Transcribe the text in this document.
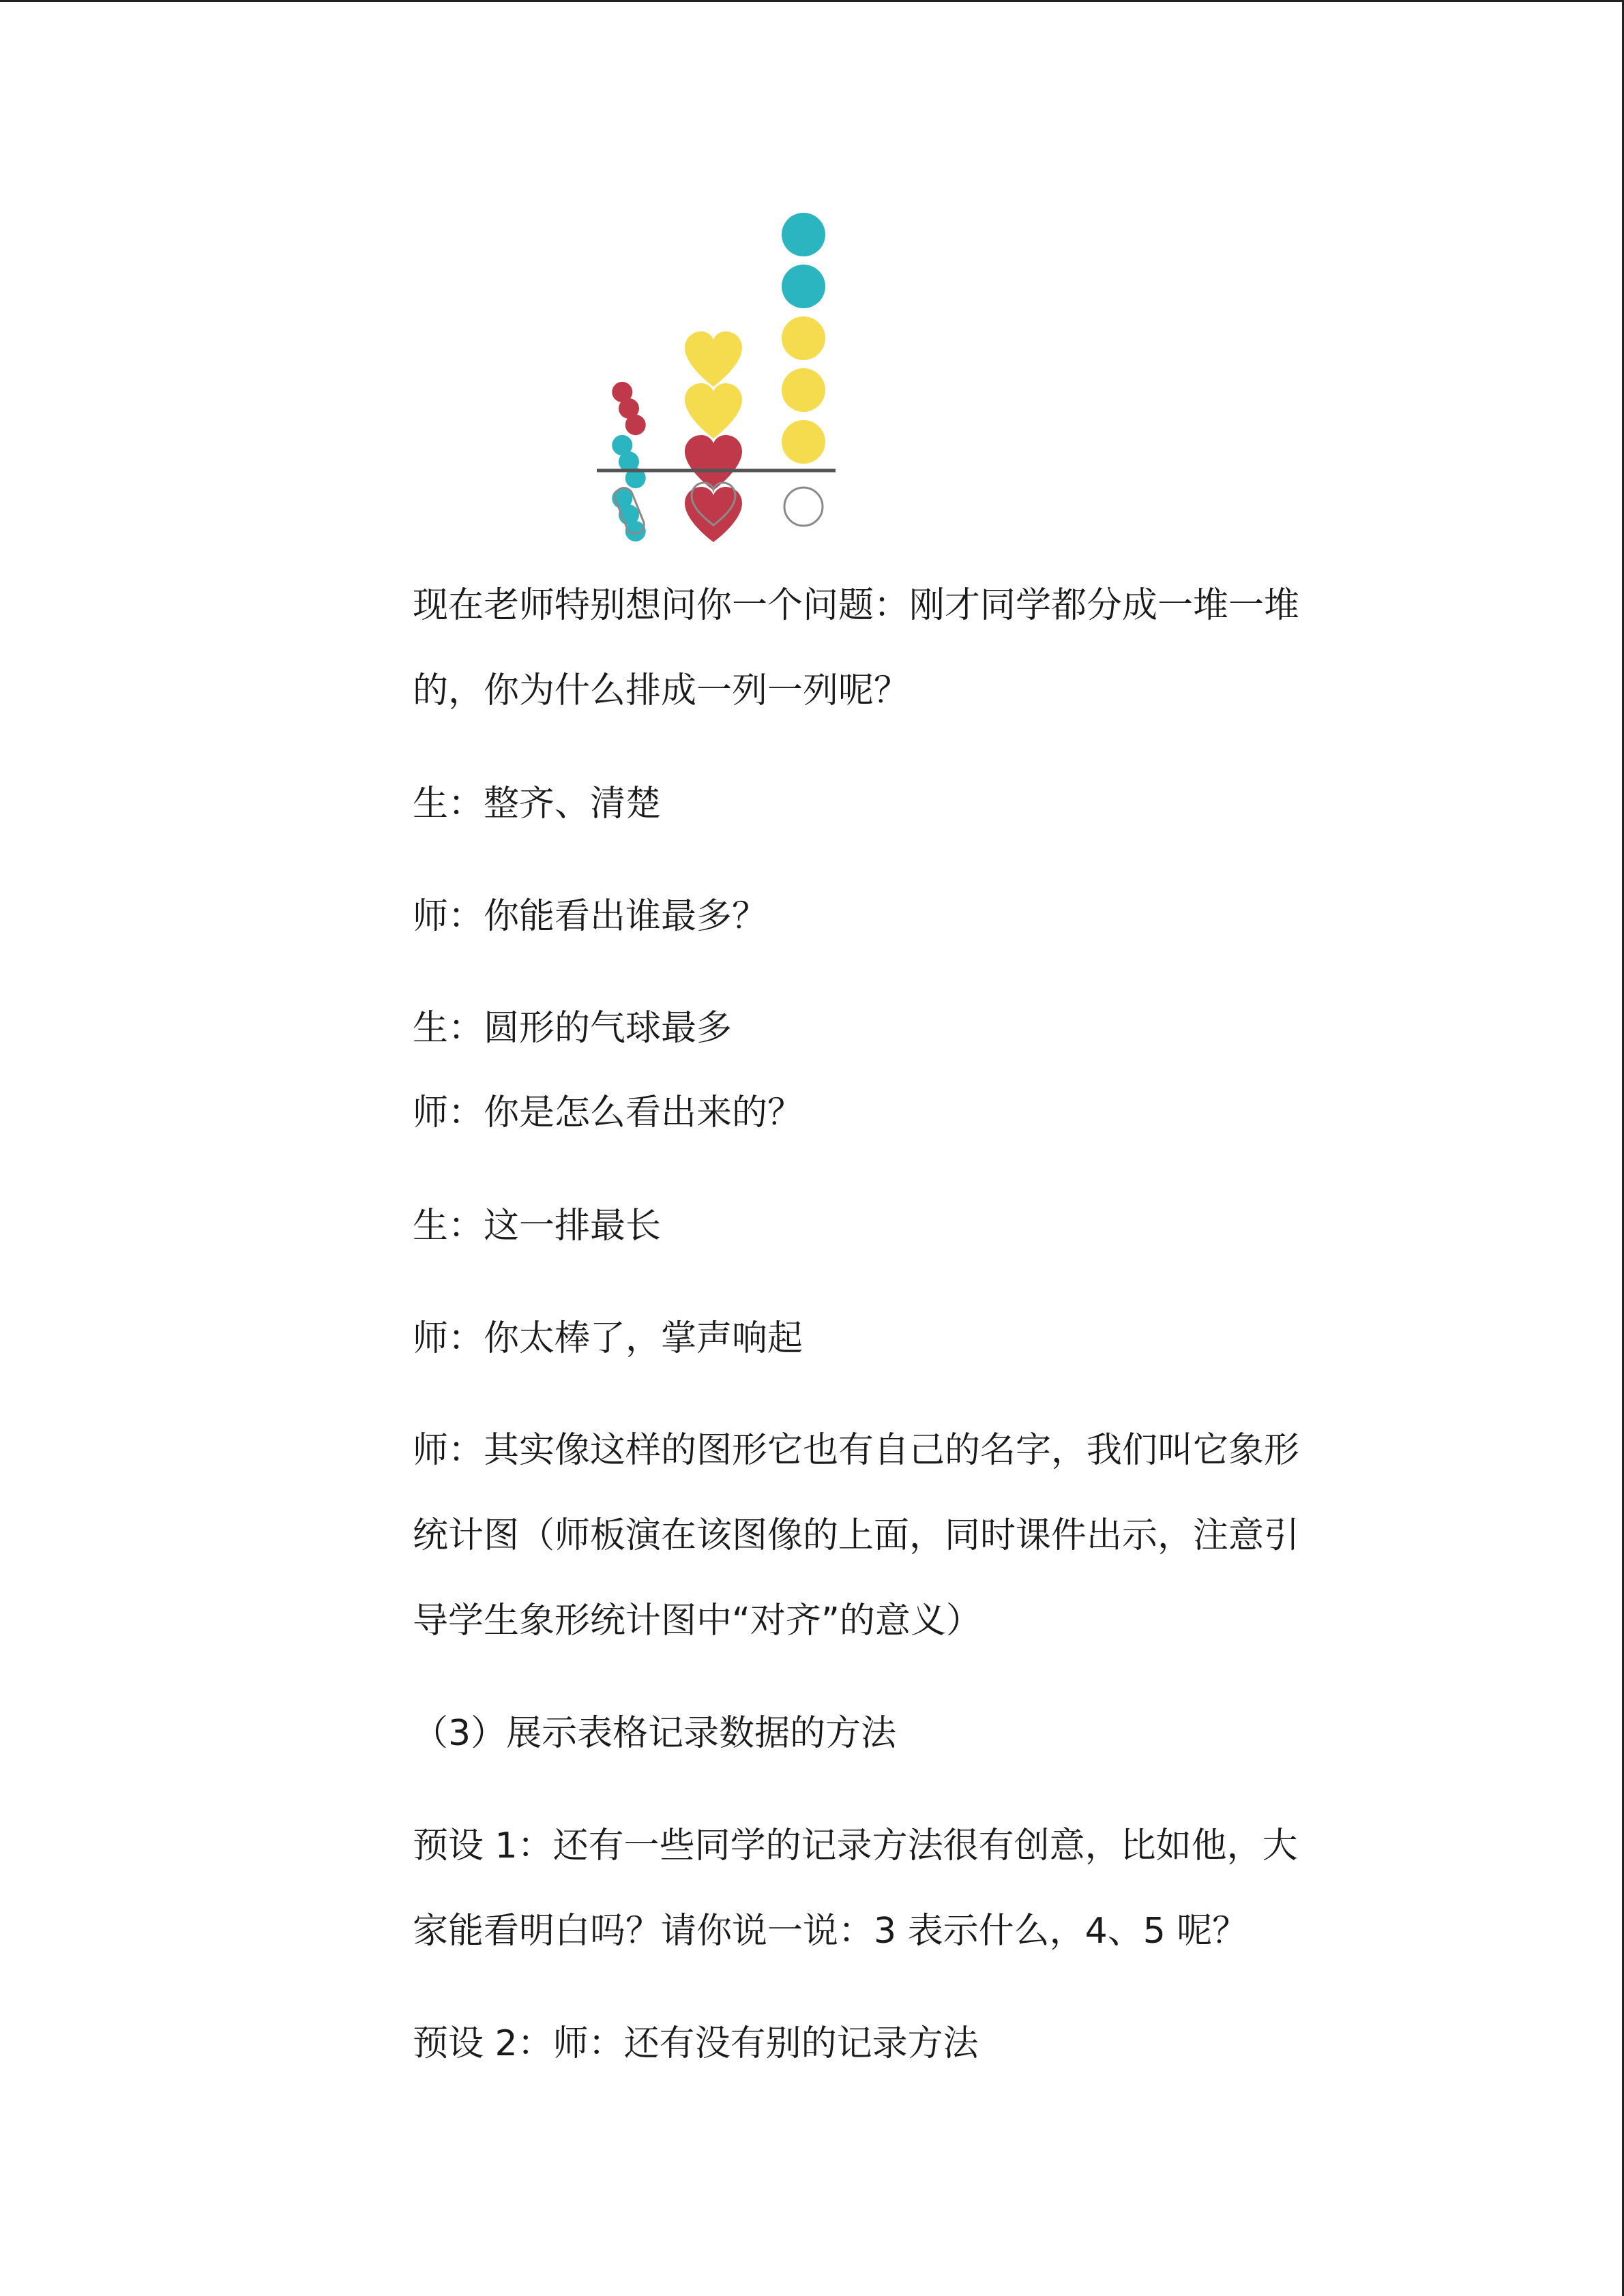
现在老师特别想问你一个问题：刚才同学都分成一堆一堆
的，你为什么排成一列一列呢？
生：整齐、清楚
师：你能看出谁最多？
生：圆形的气球最多
师：你是怎么看出来的？
生：这一排最长
师：你太棒了，掌声响起
师：其实像这样的图形它也有自己的名字，我们叫它象形
统计图（师板演在该图像的上面，同时课件出示，注意引
导学生象形统计图中“对齐”的意义）
（3）展示表格记录数据的方法
预设 1：还有一些同学的记录方法很有创意，比如他，大
家能看明白吗？请你说一说：3 表示什么，4、5 呢？
预设 2：师：还有没有别的记录方法
